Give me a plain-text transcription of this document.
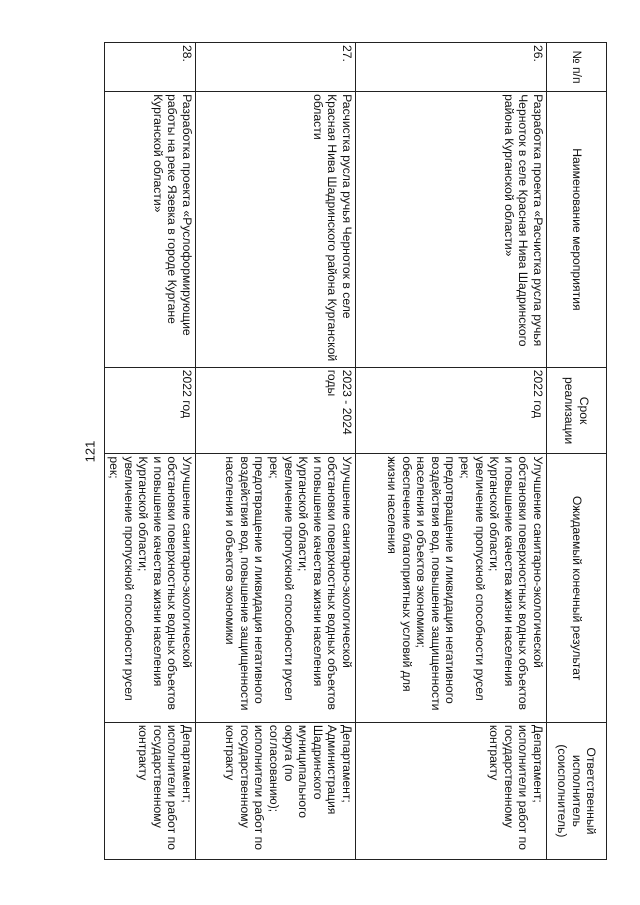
121
№ п/п	Наименование мероприятия	Срок реализации	Ожидаемый конечный результат	Ответственный исполнитель (соисполнитель)
26.	Разработка проекта «Расчистка русла ручья Черноток в селе Красная Нива Шадринского района Курганской области»	2022 год	Улучшение санитарно-экологической обстановки поверхностных водных объектов и повышение качества жизни населения Курганской области;
увеличение пропускной способности русел рек;
предотвращение и ликвидация негативного воздействия вод, повышение защищенности населения и объектов экономики;
обеспечение благоприятных условий для жизни населения	Департамент; исполнители работ по государственному контракту
27.	Расчистка русла ручья Черноток в селе Красная Нива Шадринского района Курганской области	2023 - 2024 годы	Улучшение санитарно-экологической обстановки поверхностных водных объектов и повышение качества жизни населения Курганской области;
увеличение пропускной способности русел рек;
предотвращение и ликвидация негативного воздействия вод, повышение защищенности населения и объектов экономики	Департамент; Администрация Шадринского муниципального округа (по согласованию); исполнители работ по государственному контракту
28.	Разработка проекта «Руслоформирующие работы на реке Язевка в городе Кургане Курганской области»	2022 год	Улучшение санитарно-экологической обстановки поверхностных водных объектов и повышение качества жизни населения Курганской области;
увеличение пропускной способности русел рек;	Департамент; исполнители работ по государственному контракту
